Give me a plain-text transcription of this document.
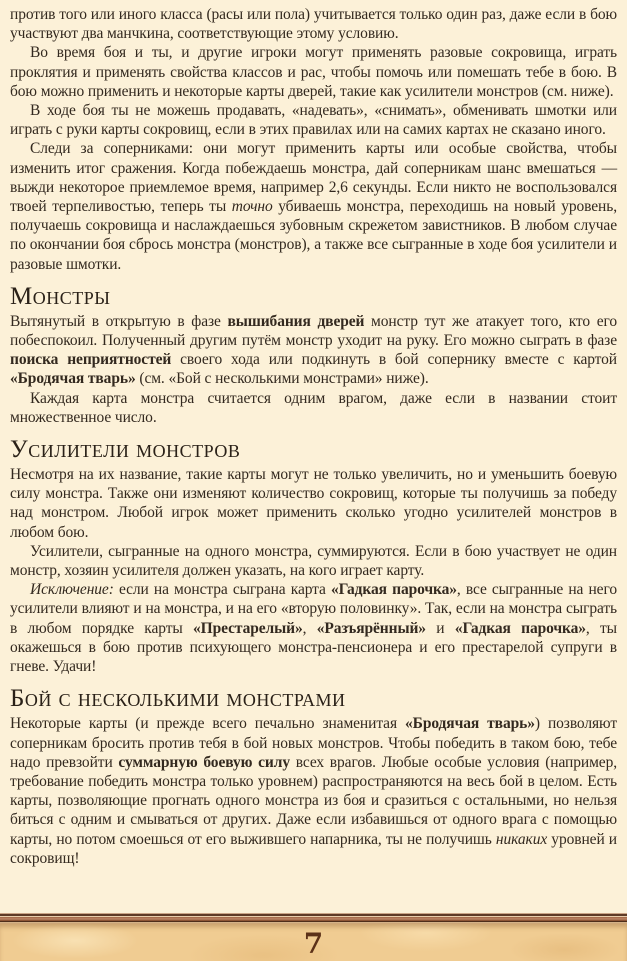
против того или иного класса (расы или пола) учитывается только один раз, даже если в бою участвуют два манчкина, соответствующие этому условию.

Во время боя и ты, и другие игроки могут применять разовые сокровища, играть проклятия и применять свойства классов и рас, чтобы помочь или помешать тебе в бою. В бою можно применить и некоторые карты дверей, такие как усилители монстров (см. ниже).

В ходе боя ты не можешь продавать, «надевать», «снимать», обменивать шмотки или играть с руки карты сокровищ, если в этих правилах или на самих картах не сказано иного.

Следи за соперниками: они могут применить карты или особые свойства, чтобы изменить итог сражения. Когда побеждаешь монстра, дай соперникам шанс вмешаться — выжди некоторое приемлемое время, например 2,6 секунды. Если никто не воспользовался твоей терпеливостью, теперь ты точно убиваешь монстра, переходишь на новый уровень, получаешь сокровища и наслаждаешься зубовным скрежетом завистников. В любом случае по окончании боя сбрось монстра (монстров), а также все сыгранные в ходе боя усилители и разовые шмотки.

Монстры

Вытянутый в открытую в фазе вышибания дверей монстр тут же атакует того, кто его побеспокоил. Полученный другим путём монстр уходит на руку. Его можно сыграть в фазе поиска неприятностей своего хода или подкинуть в бой сопернику вместе с картой «Бродячая тварь» (см. «Бой с несколькими монстрами» ниже).

Каждая карта монстра считается одним врагом, даже если в названии стоит множественное число.

Усилители монстров

Несмотря на их название, такие карты могут не только увеличить, но и уменьшить боевую силу монстра. Также они изменяют количество сокровищ, которые ты получишь за победу над монстром. Любой игрок может применить сколько угодно усилителей монстров в любом бою.

Усилители, сыгранные на одного монстра, суммируются. Если в бою участвует не один монстр, хозяин усилителя должен указать, на кого играет карту.

Исключение: если на монстра сыграна карта «Гадкая парочка», все сыгранные на него усилители влияют и на монстра, и на его «вторую половинку». Так, если на монстра сыграть в любом порядке карты «Престарелый», «Разъярённый» и «Гадкая парочка», ты окажешься в бою против психующего монстра-пенсионера и его престарелой супруги в гневе. Удачи!

Бой с несколькими монстрами

Некоторые карты (и прежде всего печально знаменитая «Бродячая тварь») позволяют соперникам бросить против тебя в бой новых монстров. Чтобы победить в таком бою, тебе надо превзойти суммарную боевую силу всех врагов. Любые особые условия (например, требование победить монстра только уровнем) распространяются на весь бой в целом. Есть карты, позволяющие прогнать одного монстра из боя и сразиться с остальными, но нельзя биться с одним и смываться от других. Даже если избавишься от одного врага с помощью карты, но потом смоешься от его выжившего напарника, ты не получишь никаких уровней и сокровищ!

7
